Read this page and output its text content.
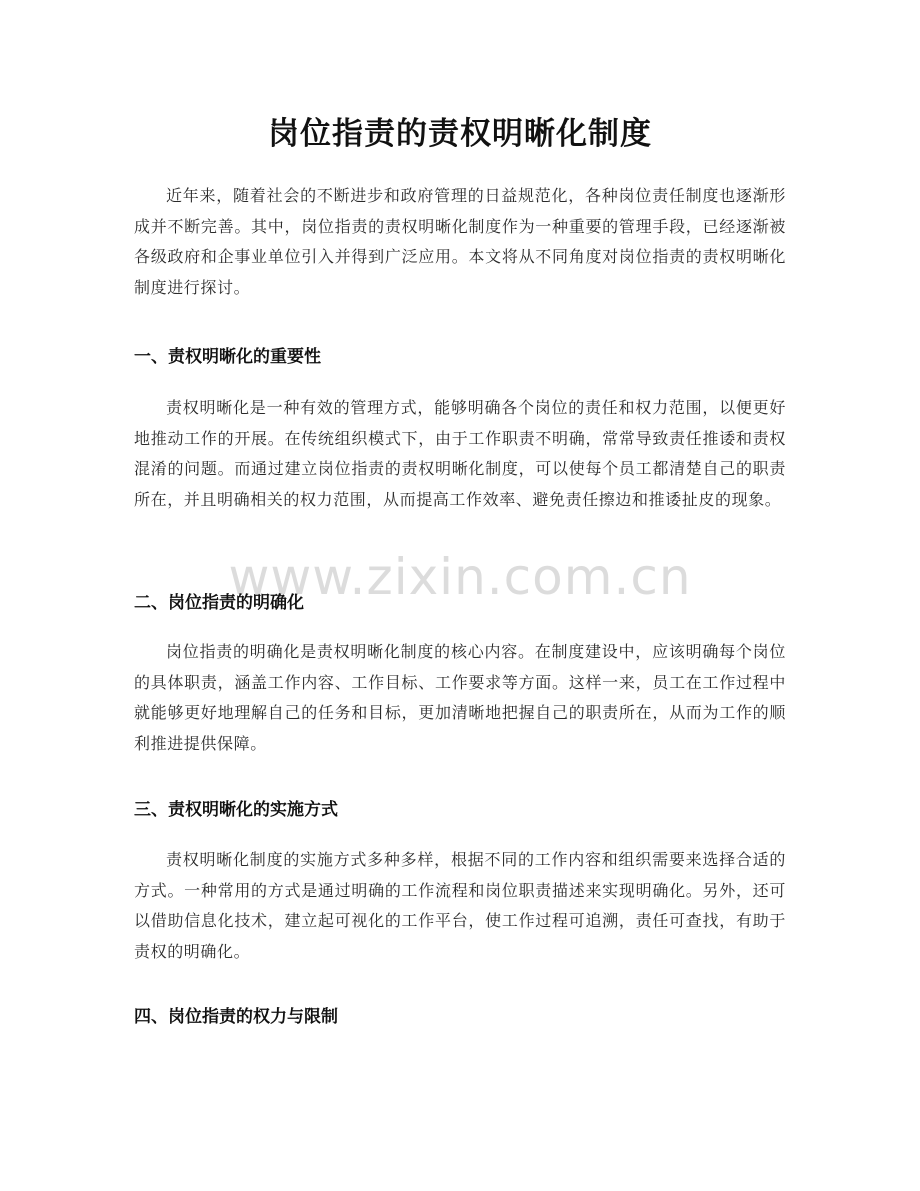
www.zixin.com.cn
岗位指责的责权明晰化制度

近年来，随着社会的不断进步和政府管理的日益规范化，各种岗位责任制度也逐渐形成并不断完善。其中，岗位指责的责权明晰化制度作为一种重要的管理手段，已经逐渐被各级政府和企事业单位引入并得到广泛应用。本文将从不同角度对岗位指责的责权明晰化制度进行探讨。

一、责权明晰化的重要性

责权明晰化是一种有效的管理方式，能够明确各个岗位的责任和权力范围，以便更好地推动工作的开展。在传统组织模式下，由于工作职责不明确，常常导致责任推诿和责权混淆的问题。而通过建立岗位指责的责权明晰化制度，可以使每个员工都清楚自己的职责所在，并且明确相关的权力范围，从而提高工作效率、避免责任擦边和推诿扯皮的现象。

二、岗位指责的明确化

岗位指责的明确化是责权明晰化制度的核心内容。在制度建设中，应该明确每个岗位的具体职责，涵盖工作内容、工作目标、工作要求等方面。这样一来，员工在工作过程中就能够更好地理解自己的任务和目标，更加清晰地把握自己的职责所在，从而为工作的顺利推进提供保障。

三、责权明晰化的实施方式

责权明晰化制度的实施方式多种多样，根据不同的工作内容和组织需要来选择合适的方式。一种常用的方式是通过明确的工作流程和岗位职责描述来实现明确化。另外，还可以借助信息化技术，建立起可视化的工作平台，使工作过程可追溯，责任可查找，有助于责权的明确化。

四、岗位指责的权力与限制
